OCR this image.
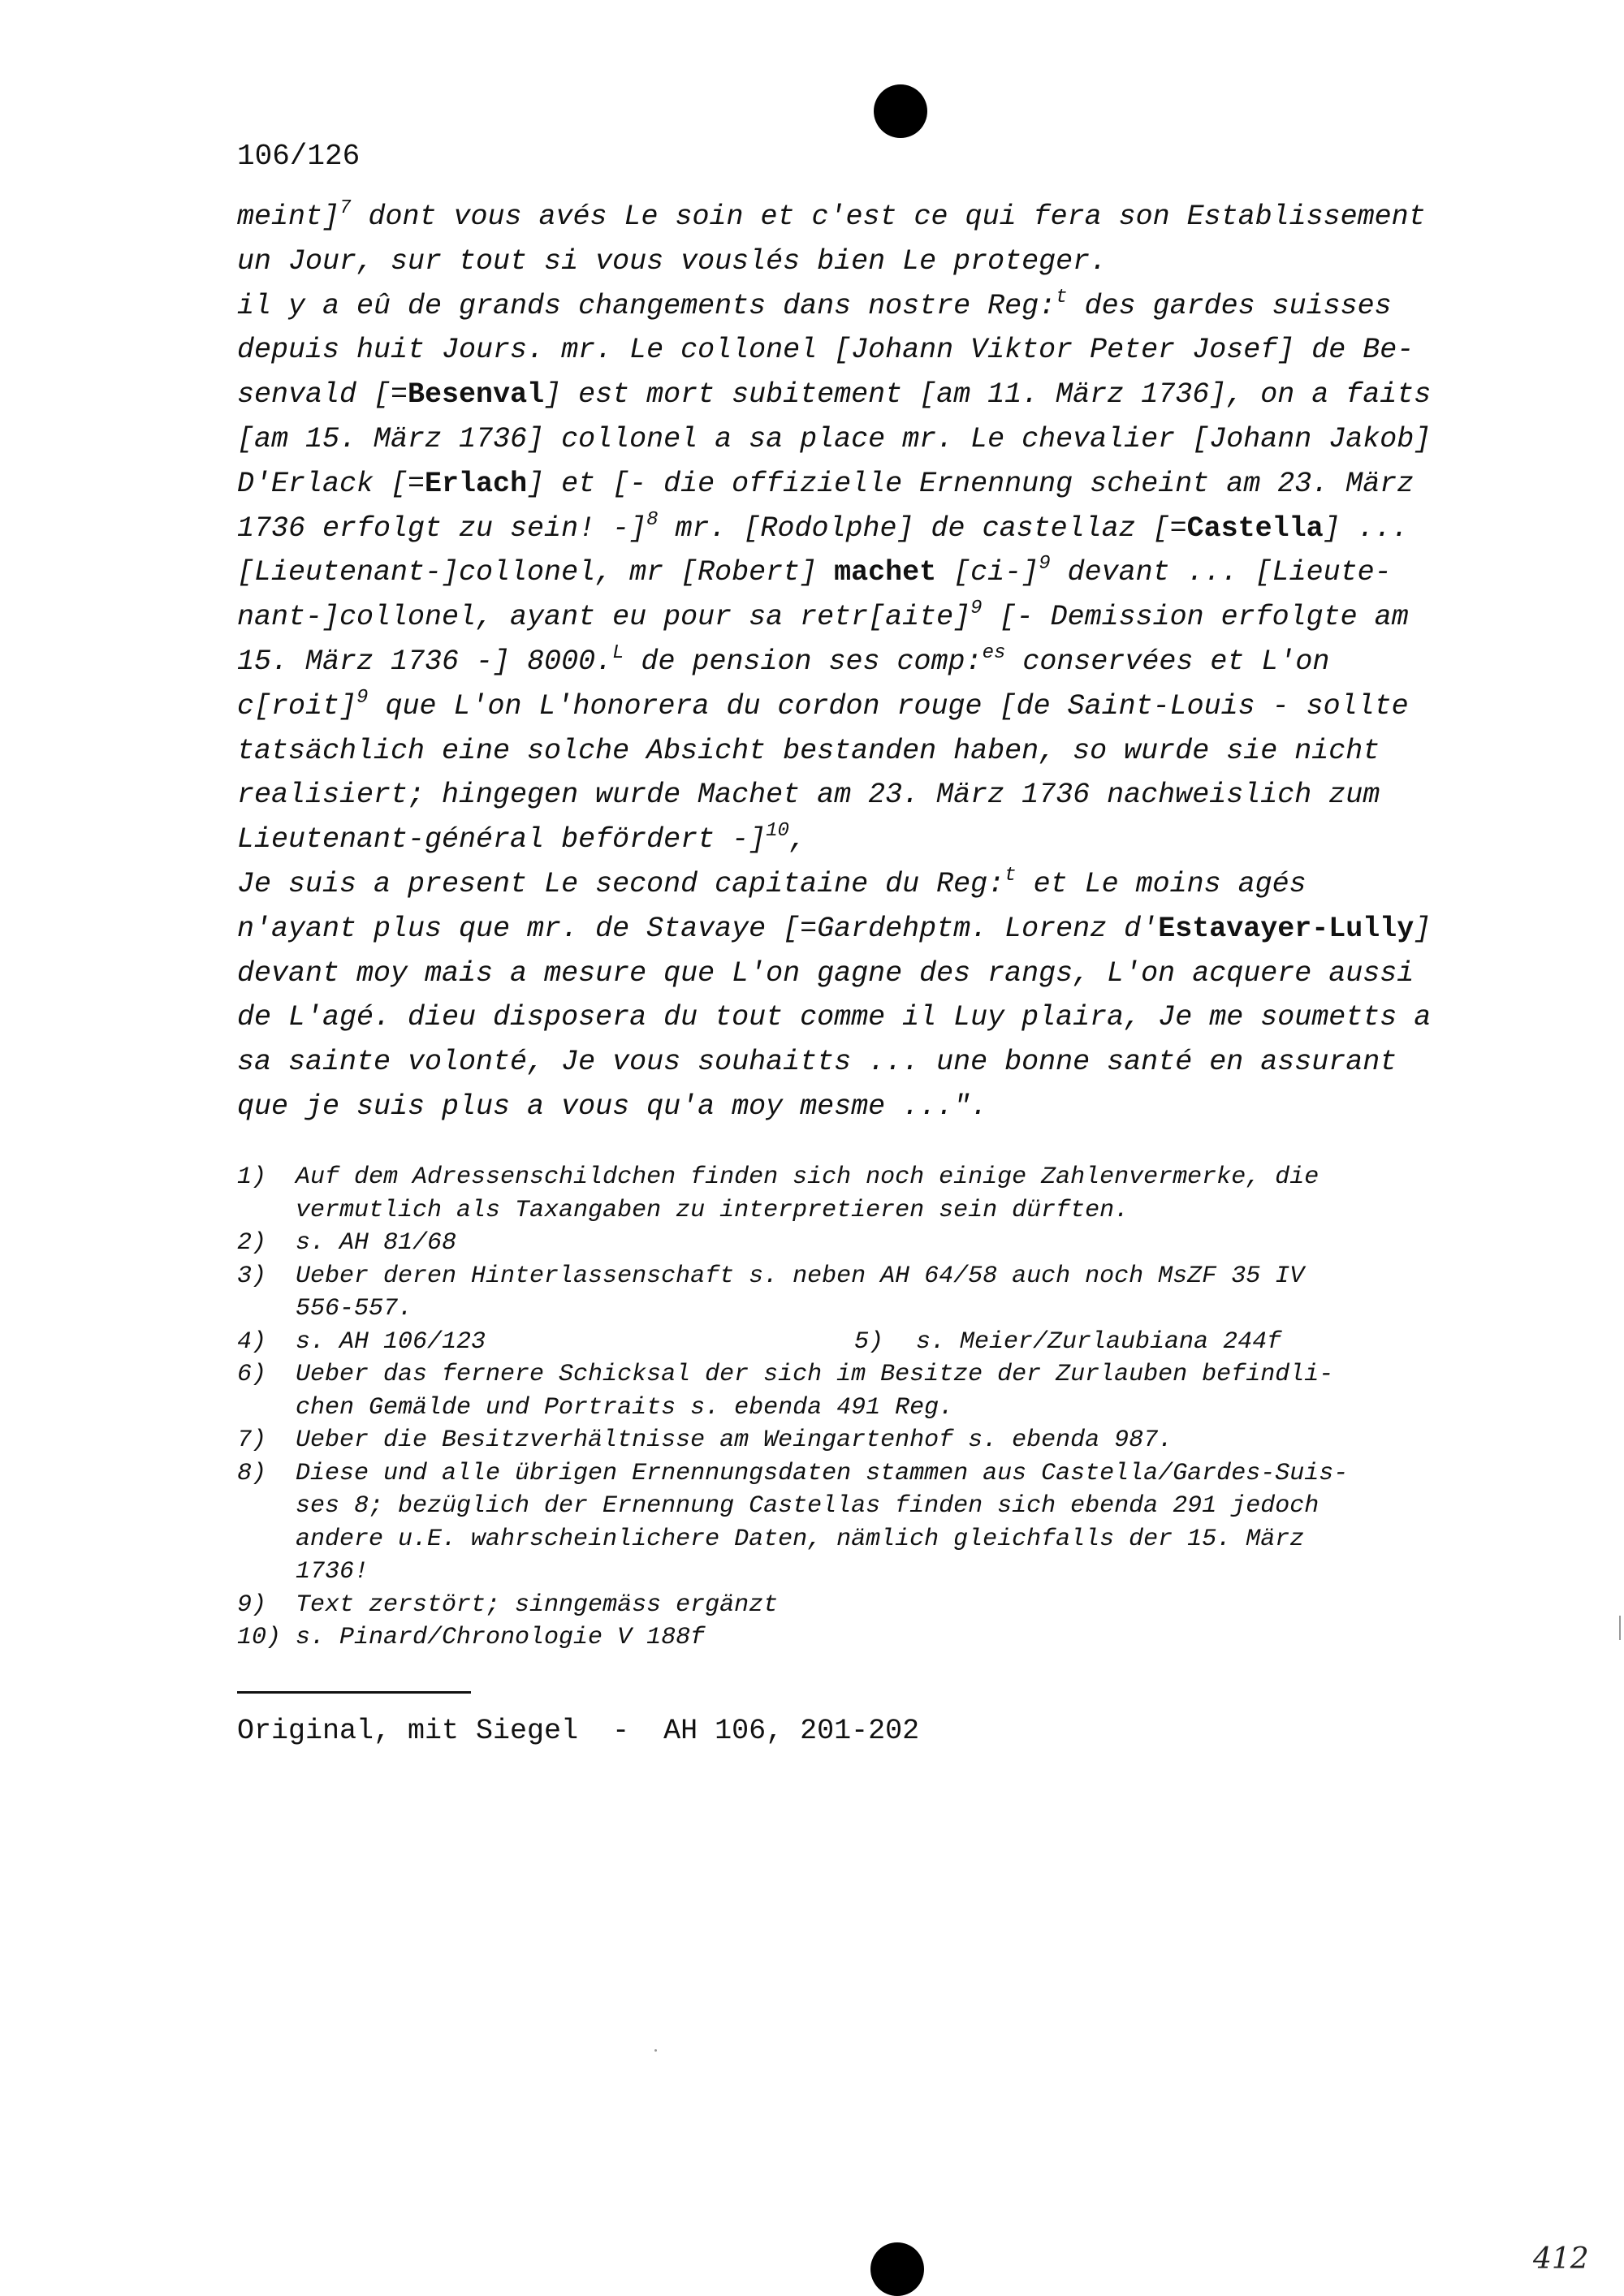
106/126
meint]$^7$ dont vous avés Le soin et c'est ce qui fera son Establissement
un Jour, sur tout si vous vouslés bien Le proteger.
il y a eû de grands changements dans nostre Reg:$^t$ des gardes suisses
depuis huit Jours. mr. Le collonel [Johann Viktor Peter Josef] de Be-
senvald [=Besenval] est mort subitement [am 11. März 1736], on a faits
[am 15. März 1736] collonel a sa place mr. Le chevalier [Johann Jakob]
D'Erlack [=Erlach] et [- die offizielle Ernennung scheint am 23. März
1736 erfolgt zu sein! -]$^8$ mr. [Rodolphe] de castellaz [=Castella] ...
[Lieutenant-]collonel, mr [Robert] machet $[ci-]^9$ devant ... [Lieute-
nant-]collonel, ayant eu pour sa retr[aite]$^9$ [- Demission erfolgte am
15. März 1736 -] 8000.$^L$ de pension ses comp:$^{es}$ conservées et L'on
c[roit]$^9$ que L'on L'honorera du cordon rouge [de Saint-Louis - sollte
tatsächlich eine solche Absicht bestanden haben, so wurde sie nicht
realisiert; hingegen wurde Machet am 23. März 1736 nachweislich zum
Lieutenant-général befördert -]$^{10}$,
Je suis a present Le second capitaine du Reg:$^t$ et Le moins agés
n'ayant plus que mr. de Stavaye [=Gardehptm. Lorenz d'Estavayer-Lully]
devant moy mais a mesure que L'on gagne des rangs, L'on acquere aussi
de L'agé. dieu disposera du tout comme il Luy plaira, Je me soumetts a
sa sainte volonté, Je vous souhaitts ... une bonne santé en assurant
que je suis plus a vous qu'a moy mesme ...".
1)	Auf dem Adressenschildchen finden sich noch einige Zahlenvermerke, die
vermutlich als Taxangaben zu interpretieren sein dürften.
2)	s. AH 81/68
3)	Ueber deren Hinterlassenschaft s. neben AH 64/58 auch noch MsZF 35 IV
556-557.
4)	s. AH 106/123	5) s. Meier/Zurlaubiana 244f
6)	Ueber das fernere Schicksal der sich im Besitze der Zurlauben befindli-
chen Gemälde und Portraits s. ebenda 491 Reg.
7)	Ueber die Besitzverhältnisse am Weingartenhof s. ebenda 987.
8)	Diese und alle übrigen Ernennungsdaten stammen aus Castella/Gardes-Suis-
ses 8; bezüglich der Ernennung Castellas finden sich ebenda 291 jedoch
andere u.E. wahrscheinlichere Daten, nämlich gleichfalls der 15. März
1736!
9)	Text zerstört; sinngemäss ergänzt
10) s. Pinard/Chronologie V 188f
Original, mit Siegel  -  AH 106, 201-202
412
